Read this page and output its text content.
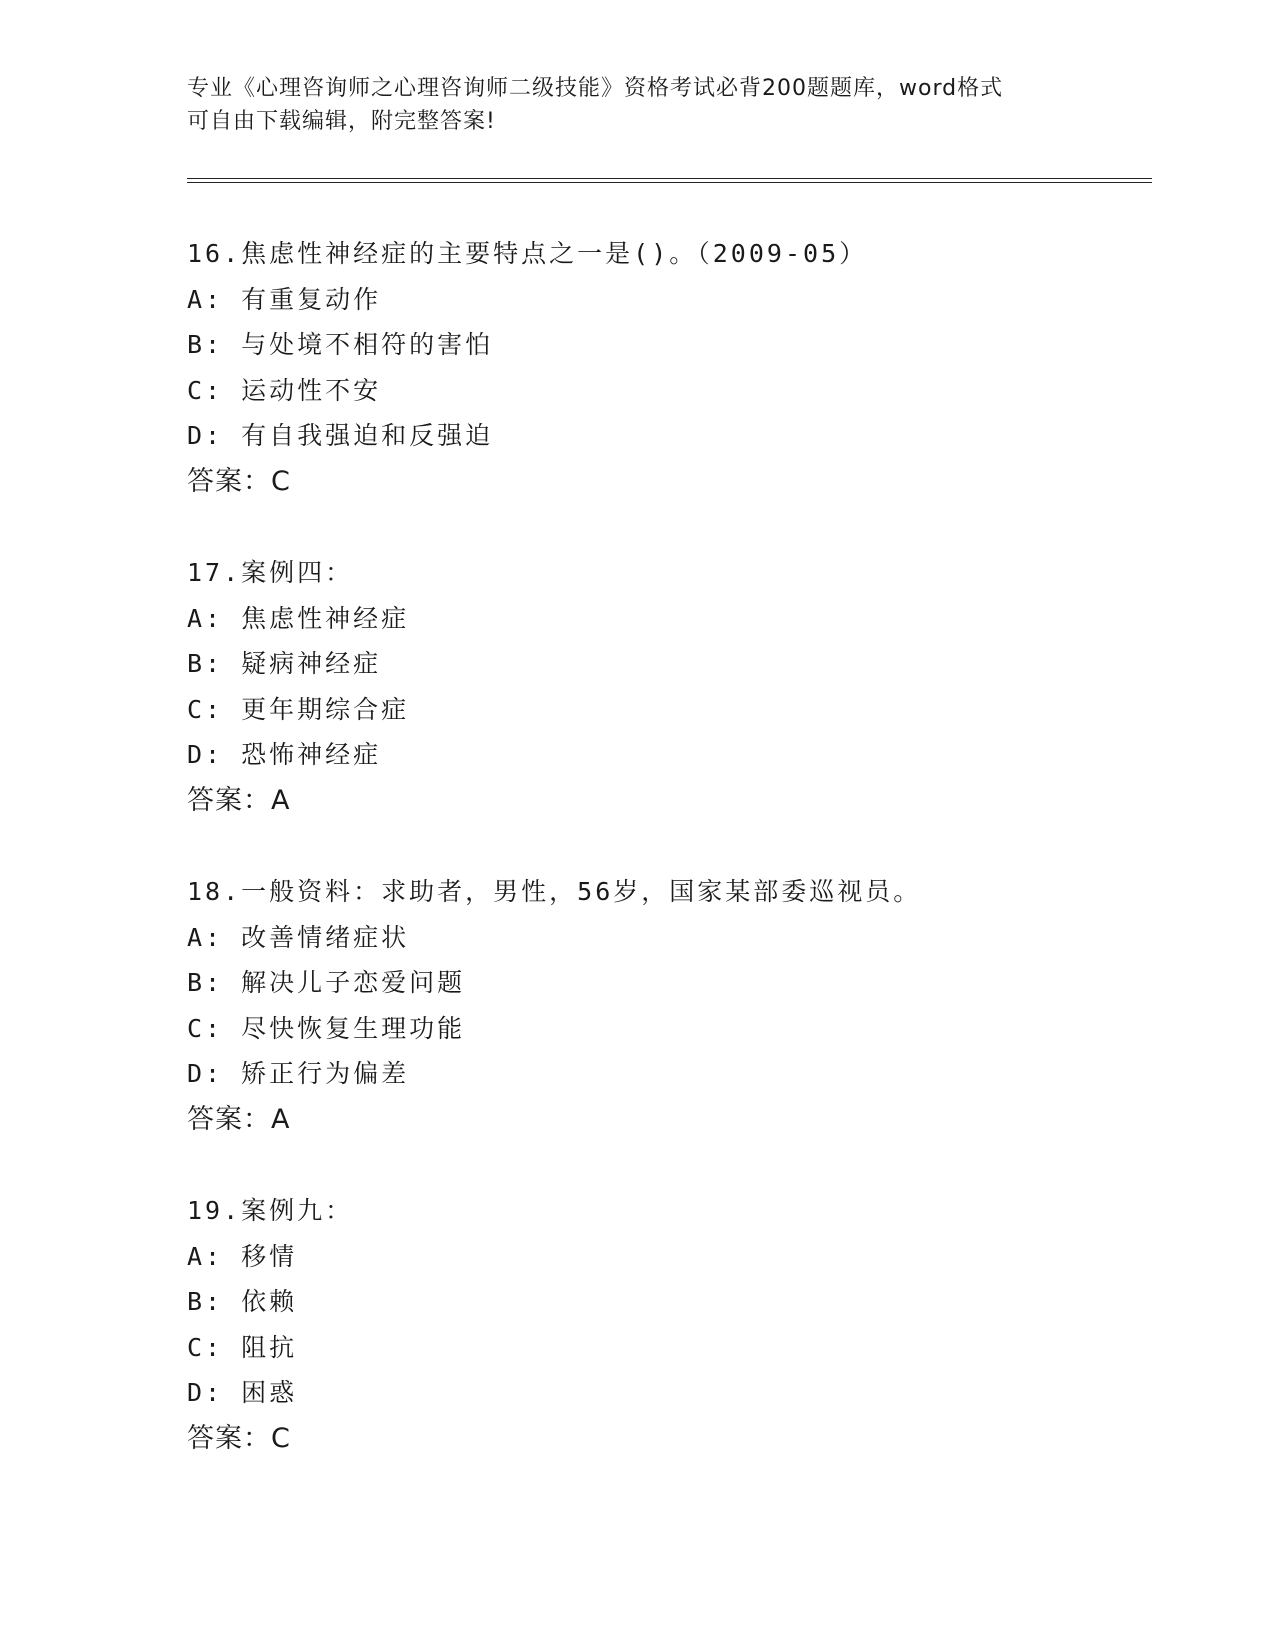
专业《心理咨询师之心理咨询师二级技能》资格考试必背200题题库，word格式
可自由下载编辑，附完整答案!
16.焦虑性神经症的主要特点之一是()。（2009-05）
A: 有重复动作
B: 与处境不相符的害怕
C: 运动性不安
D: 有自我强迫和反强迫
答案：C
17.案例四：
A: 焦虑性神经症
B: 疑病神经症
C: 更年期综合症
D: 恐怖神经症
答案：A
18.一般资料：求助者，男性，56岁，国家某部委巡视员。
A: 改善情绪症状
B: 解决儿子恋爱问题
C: 尽快恢复生理功能
D: 矫正行为偏差
答案：A
19.案例九：
A: 移情
B: 依赖
C: 阻抗
D: 困惑
答案：C
